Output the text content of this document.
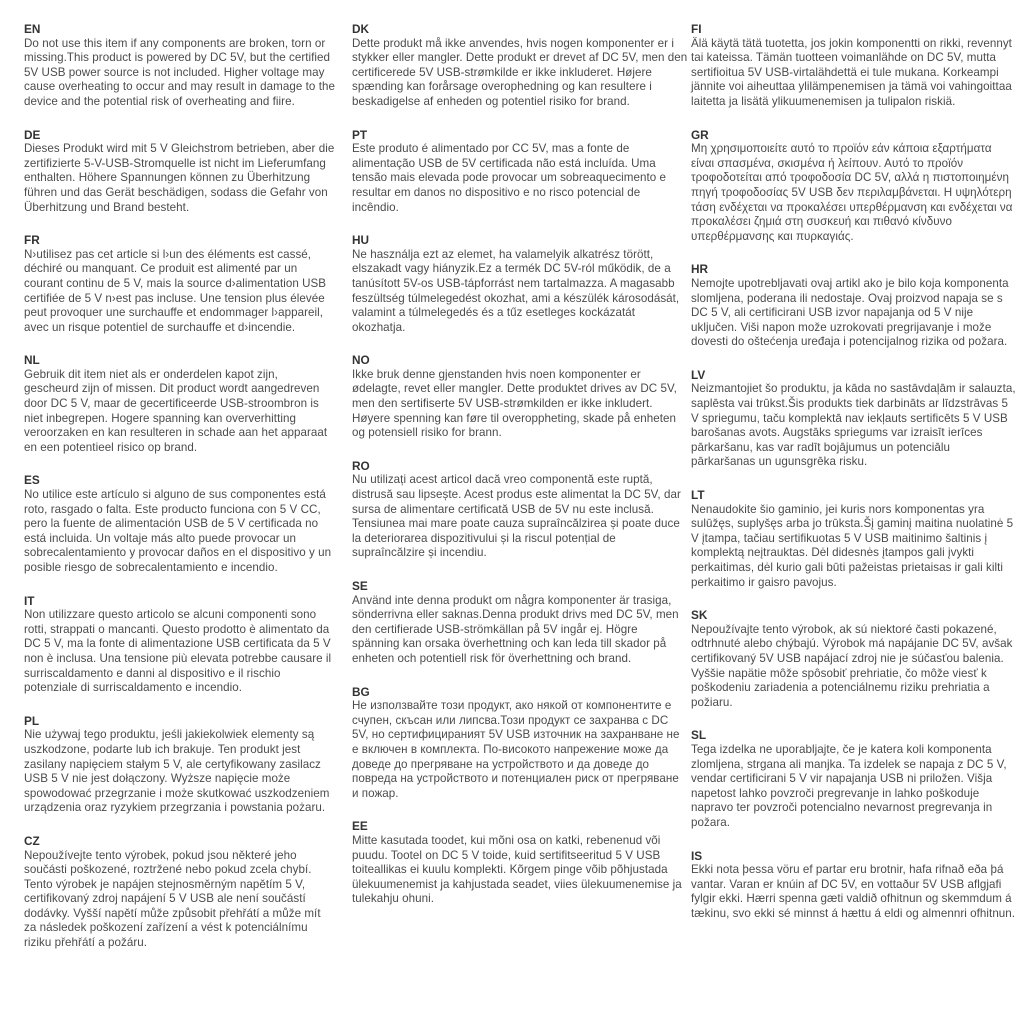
EN
Do not use this item if any components are broken, torn or missing.This product is powered by DC 5V, but the certified 5V USB power source is not included. Higher voltage may cause overheating to occur and may result in damage to the device and the potential risk of overheating and fiire.
DE
Dieses Produkt wird mit 5 V Gleichstrom betrieben, aber die zertifizierte 5-V-USB-Stromquelle ist nicht im Lieferumfang enthalten. Höhere Spannungen können zu Überhitzung führen und das Gerät beschädigen, sodass die Gefahr von Überhitzung und Brand besteht.
FR
N›utilisez pas cet article si l›un des éléments est cassé, déchiré ou manquant. Ce produit est alimenté par un courant continu de 5 V, mais la source d›alimentation USB certifiée de 5 V n›est pas incluse. Une tension plus élevée peut provoquer une surchauffe et endommager l›appareil, avec un risque potentiel de surchauffe et d›incendie.
NL
Gebruik dit item niet als er onderdelen kapot zijn, gescheurd zijn of missen. Dit product wordt aangedreven door DC 5 V, maar de gecertificeerde USB-stroombron is niet inbegrepen. Hogere spanning kan oververhitting veroorzaken en kan resulteren in schade aan het apparaat en een potentieel risico op brand.
ES
No utilice este artículo si alguno de sus componentes está roto, rasgado o falta. Este producto funciona con 5 V CC, pero la fuente de alimentación USB de 5 V certificada no está incluida. Un voltaje más alto puede provocar un sobrecalentamiento y provocar daños en el dispositivo y un posible riesgo de sobrecalentamiento e incendio.
IT
Non utilizzare questo articolo se alcuni componenti sono rotti, strappati o mancanti. Questo prodotto è alimentato da DC 5 V, ma la fonte di alimentazione USB certificata da 5 V non è inclusa. Una tensione più elevata potrebbe causare il surriscaldamento e danni al dispositivo e il rischio potenziale di surriscaldamento e incendio.
PL
Nie używaj tego produktu, jeśli jakiekolwiek elementy są uszkodzone, podarte lub ich brakuje. Ten produkt jest zasilany napięciem stałym 5 V, ale certyfikowany zasilacz USB 5 V nie jest dołączony. Wyższe napięcie może spowodować przegrzanie i może skutkować uszkodzeniem urządzenia oraz ryzykiem przegrzania i powstania pożaru.
CZ
Nepoužívejte tento výrobek, pokud jsou některé jeho součásti poškozené, roztržené nebo pokud zcela chybí. Tento výrobek je napájen stejnosměrným napětím 5 V, certifikovaný zdroj napájení 5 V USB ale není součástí dodávky. Vyšší napětí může způsobit přehřátí a může mít za následek poškození zařízení a vést k potenciálnímu riziku přehřátí a požáru.
DK
Dette produkt må ikke anvendes, hvis nogen komponenter er i stykker eller mangler. Dette produkt er drevet af DC 5V, men den certificerede 5V USB-strømkilde er ikke inkluderet. Højere spænding kan forårsage overophedning og kan resultere i beskadigelse af enheden og potentiel risiko for brand.
PT
Este produto é alimentado por CC 5V, mas a fonte de alimentação USB de 5V certificada não está incluída. Uma tensão mais elevada pode provocar um sobreaquecimento e resultar em danos no dispositivo e no risco potencial de incêndio.
HU
Ne használja ezt az elemet, ha valamelyik alkatrész törött, elszakadt vagy hiányzik.Ez a termék DC 5V-ról működik, de a tanúsított 5V-os USB-tápforrást nem tartalmazza. A magasabb feszültség túlmelegedést okozhat, ami a készülék károsodását, valamint a túlmelegedés és a tűz esetleges kockázatát okozhatja.
NO
Ikke bruk denne gjenstanden hvis noen komponenter er ødelagte, revet eller mangler. Dette produktet drives av DC 5V, men den sertifiserte 5V USB-strømkilden er ikke inkludert. Høyere spenning kan føre til overoppheting, skade på enheten og potensiell risiko for brann.
RO
Nu utilizați acest articol dacă vreo componentă este ruptă, distrusă sau lipsește. Acest produs este alimentat la DC 5V, dar sursa de alimentare certificată USB de 5V nu este inclusă. Tensiunea mai mare poate cauza supraîncălzirea și poate duce la deteriorarea dispozitivului și la riscul potențial de supraîncălzire și incendiu.
SE
Använd inte denna produkt om några komponenter är trasiga, sönderrivna eller saknas.Denna produkt drivs med DC 5V, men den certifierade USB-strömkällan på 5V ingår ej. Högre spänning kan orsaka överhettning och kan leda till skador på enheten och potentiell risk för överhettning och brand.
BG
Не използвайте този продукт, ако някой от компонентите е счупен, скъсан или липсва.Този продукт се захранва с DC 5V, но сертифицираният 5V USB източник на захранване не е включен в комплекта. По-високото напрежение може да доведе до прегряване на устройството и да доведе до повреда на устройството и потенциален риск от прегряване и пожар.
EE
Mitte kasutada toodet, kui mõni osa on katki, rebenenud või puudu. Tootel on DC 5 V toide, kuid sertifitseeritud 5 V USB toiteallikas ei kuulu komplekti. Kõrgem pinge võib põhjustada ülekuumenemist ja kahjustada seadet, viies ülekuumenemise ja tulekahju ohuni.
FI
Älä käytä tätä tuotetta, jos jokin komponentti on rikki, revennyt tai kateissa. Tämän tuotteen voimanlähde on DC 5V, mutta sertifioitua 5V USB-virtalähdettä ei tule mukana. Korkeampi jännite voi aiheuttaa ylilämpenemisen ja tämä voi vahingoittaa laitetta ja lisätä ylikuumenemisen ja tulipalon riskiä.
GR
Μη χρησιμοποιείτε αυτό το προϊόν εάν κάποια εξαρτήματα είναι σπασμένα, σκισμένα ή λείπουν. Αυτό το προϊόν τροφοδοτείται από τροφοδοσία DC 5V, αλλά η πιστοποιημένη πηγή τροφοδοσίας 5V USB δεν περιλαμβάνεται. Η υψηλότερη τάση ενδέχεται να προκαλέσει υπερθέρμανση και ενδέχεται να προκαλέσει ζημιά στη συσκευή και πιθανό κίνδυνο υπερθέρμανσης και πυρκαγιάς.
HR
Nemojte upotrebljavati ovaj artikl ako je bilo koja komponenta slomljena, poderana ili nedostaje. Ovaj proizvod napaja se s DC 5 V, ali certificirani USB izvor napajanja od 5 V nije uključen. Viši napon može uzrokovati pregrijavanje i može dovesti do oštećenja uređaja i potencijalnog rizika od požara.
LV
Neizmantojiet šo produktu, ja kāda no sastāvdaļām ir salauzta, saplēsta vai trūkst.Šis produkts tiek darbināts ar līdzstrāvas 5 V spriegumu, taču komplektā nav iekļauts sertificēts 5 V USB barošanas avots. Augstāks spriegums var izraisīt ierīces pārkaršanu, kas var radīt bojājumus un potenciālu pārkaršanas un ugunsgrēka risku.
LT
Nenaudokite šio gaminio, jei kuris nors komponentas yra sulūžęs, suplyšęs arba jo trūksta.Šį gaminį maitina nuolatinė 5 V įtampa, tačiau sertifikuotas 5 V USB maitinimo šaltinis į komplektą neįtrauktas. Dėl didesnės įtampos gali įvykti perkaitimas, dėl kurio gali būti pažeistas prietaisas ir gali kilti perkaitimo ir gaisro pavojus.
SK
Nepoužívajte tento výrobok, ak sú niektoré časti pokazené, odtrhnuté alebo chýbajú. Výrobok má napájanie DC 5V, avšak certifikovaný 5V USB napájací zdroj nie je súčasťou balenia. Vyššie napätie môže spôsobiť prehriatie, čo môže viesť k poškodeniu zariadenia a potenciálnemu riziku prehriatia a požiaru.
SL
Tega izdelka ne uporabljajte, če je katera koli komponenta zlomljena, strgana ali manjka. Ta izdelek se napaja z DC 5 V, vendar certificirani 5 V vir napajanja USB ni priložen. Višja napetost lahko povzroči pregrevanje in lahko poškoduje napravo ter povzroči potencialno nevarnost pregrevanja in požara.
IS
Ekki nota þessa vöru ef partar eru brotnir, hafa rifnað eða þá vantar. Varan er knúin af DC 5V, en vottaður 5V USB aflgjafi fylgir ekki. Hærri spenna gæti valdið ofhitnun og skemmdum á tækinu, svo ekki sé minnst á hættu á eldi og almennri ofhitnun.
